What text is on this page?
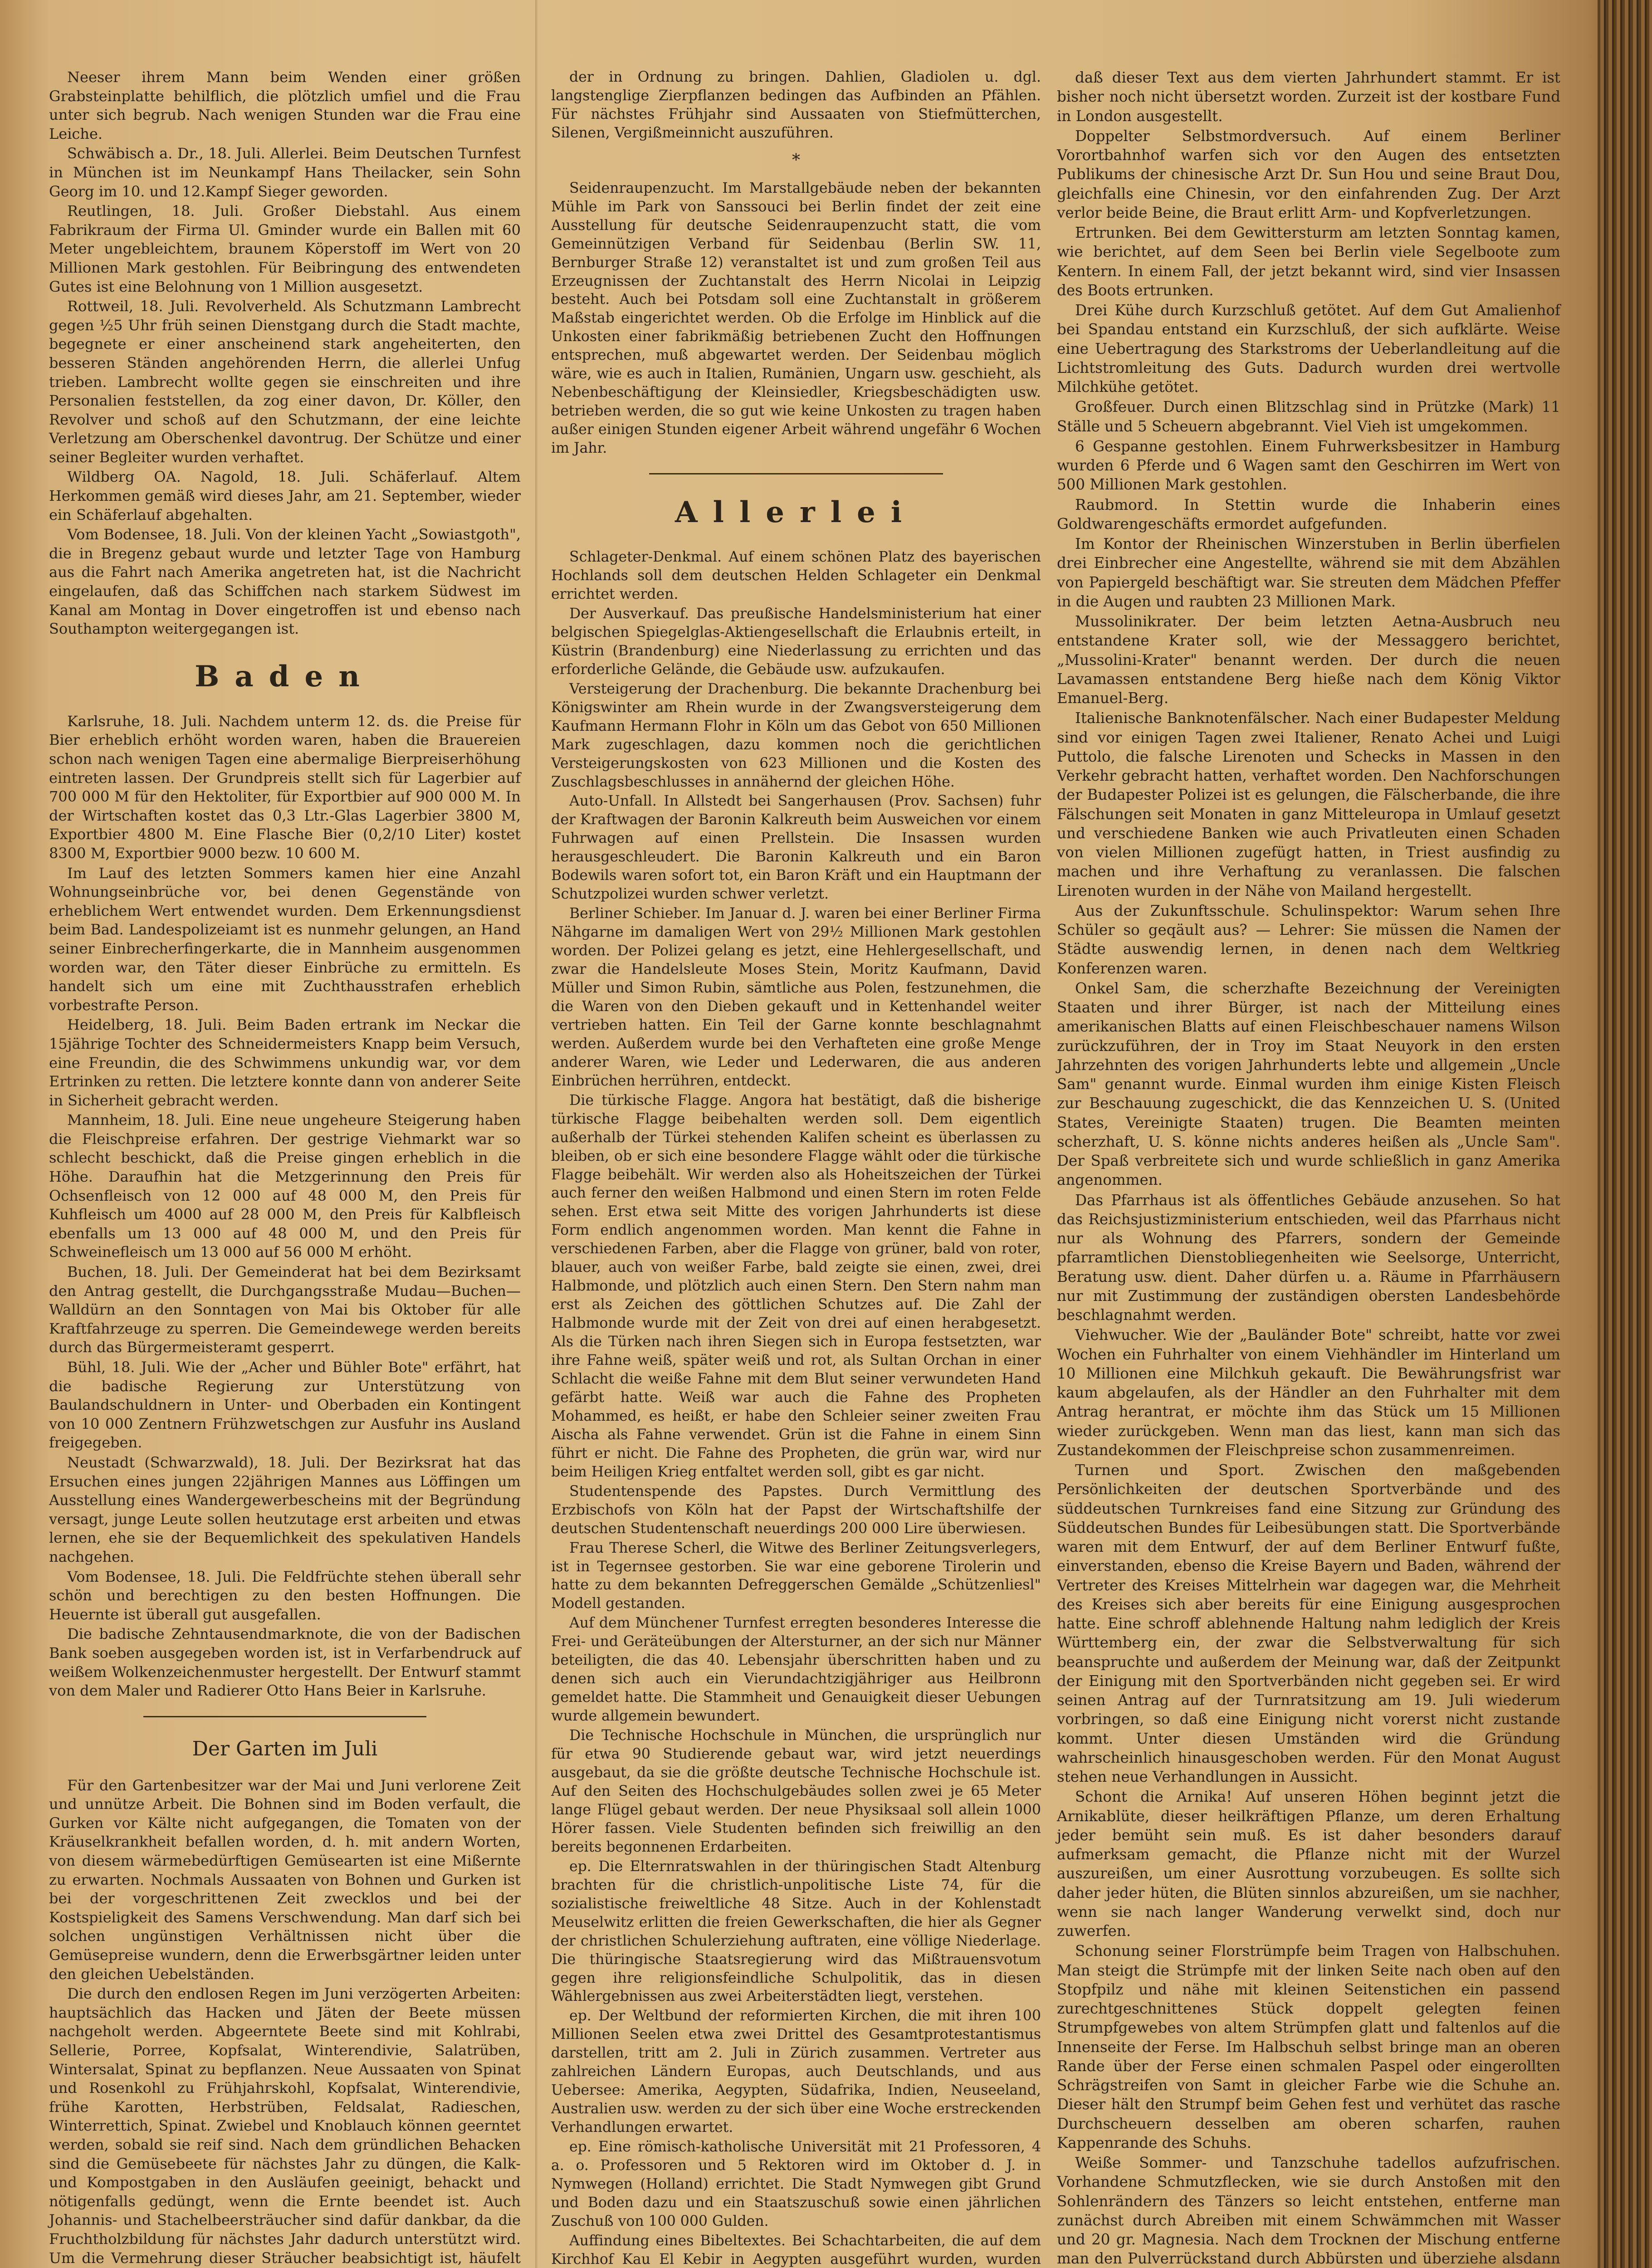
Neeser ihrem Mann beim Wenden einer größen Grabsteinplatte behilflich, die plötzlich umfiel und die Frau unter sich begrub. Nach wenigen Stunden war die Frau eine Leiche.

Schwäbisch a. Dr., 18. Juli. Allerlei. Beim Deutschen Turnfest in München ist im Neunkampf Hans Theilacker, sein Sohn Georg im 10. und 12.Kampf Sieger geworden.

Reutlingen, 18. Juli. Großer Diebstahl. Aus einem Fabrikraum der Firma Ul. Gminder wurde ein Ballen mit 60 Meter ungebleichtem, braunem Köperstoff im Wert von 20 Millionen Mark gestohlen. Für Beibringung des entwendeten Gutes ist eine Belohnung von 1 Million ausgesetzt.

Rottweil, 18. Juli. Revolverheld. Als Schutzmann Lambrecht gegen ½5 Uhr früh seinen Dienstgang durch die Stadt machte, begegnete er einer anscheinend stark angeheiterten, den besseren Ständen angehörenden Herrn, die allerlei Unfug trieben. Lambrecht wollte gegen sie einschreiten und ihre Personalien feststellen, da zog einer davon, Dr. Köller, den Revolver und schoß auf den Schutzmann, der eine leichte Verletzung am Oberschenkel davontrug. Der Schütze und einer seiner Begleiter wurden verhaftet.

Wildberg OA. Nagold, 18. Juli. Schäferlauf. Altem Herkommen gemäß wird dieses Jahr, am 21. September, wieder ein Schäferlauf abgehalten.

Vom Bodensee, 18. Juli. Von der kleinen Yacht „Sowiastgoth", die in Bregenz gebaut wurde und letzter Tage von Hamburg aus die Fahrt nach Amerika angetreten hat, ist die Nachricht eingelaufen, daß das Schiffchen nach starkem Südwest im Kanal am Montag in Dover eingetroffen ist und ebenso nach Southampton weitergegangen ist.

Baden

Karlsruhe, 18. Juli. Nachdem unterm 12. ds. die Preise für Bier erheblich erhöht worden waren, haben die Brauereien schon nach wenigen Tagen eine abermalige Bierpreiserhöhung eintreten lassen. Der Grundpreis stellt sich für Lagerbier auf 700 000 M für den Hektoliter, für Exportbier auf 900 000 M. In der Wirtschaften kostet das 0,3 Ltr.-Glas Lagerbier 3800 M, Exportbier 4800 M. Eine Flasche Bier (0,2/10 Liter) kostet 8300 M, Exportbier 9000 bezw. 10 600 M.

Im Lauf des letzten Sommers kamen hier eine Anzahl Wohnungseinbrüche vor, bei denen Gegenstände von erheblichem Wert entwendet wurden. Dem Erkennungsdienst beim Bad. Landespolizeiamt ist es nunmehr gelungen, an Hand seiner Einbrecherfingerkarte, die in Mannheim ausgenommen worden war, den Täter dieser Einbrüche zu ermitteln. Es handelt sich um eine mit Zuchthausstrafen erheblich vorbestrafte Person.

Heidelberg, 18. Juli. Beim Baden ertrank im Neckar die 15jährige Tochter des Schneidermeisters Knapp beim Versuch, eine Freundin, die des Schwimmens unkundig war, vor dem Ertrinken zu retten. Die letztere konnte dann von anderer Seite in Sicherheit gebracht werden.

Mannheim, 18. Juli. Eine neue ungeheure Steigerung haben die Fleischpreise erfahren. Der gestrige Viehmarkt war so schlecht beschickt, daß die Preise gingen erheblich in die Höhe. Daraufhin hat die Metzgerinnung den Preis für Ochsenfleisch von 12 000 auf 48 000 M, den Preis für Kuhfleisch um 4000 auf 28 000 M, den Preis für Kalbfleisch ebenfalls um 13 000 auf 48 000 M, und den Preis für Schweinefleisch um 13 000 auf 56 000 M erhöht.

Buchen, 18. Juli. Der Gemeinderat hat bei dem Bezirksamt den Antrag gestellt, die Durchgangsstraße Mudau—Buchen—Walldürn an den Sonntagen von Mai bis Oktober für alle Kraftfahrzeuge zu sperren. Die Gemeindewege werden bereits durch das Bürgermeisteramt gesperrt.

Bühl, 18. Juli. Wie der „Acher und Bühler Bote" erfährt, hat die badische Regierung zur Unterstützung von Baulandschuldnern in Unter- und Oberbaden ein Kontingent von 10 000 Zentnern Frühzwetschgen zur Ausfuhr ins Ausland freigegeben.

Neustadt (Schwarzwald), 18. Juli. Der Bezirksrat hat das Ersuchen eines jungen 22jährigen Mannes aus Löffingen um Ausstellung eines Wandergewerbescheins mit der Begründung versagt, junge Leute sollen heutzutage erst arbeiten und etwas lernen, ehe sie der Bequemlichkeit des spekulativen Handels nachgehen.

Vom Bodensee, 18. Juli. Die Feldfrüchte stehen überall sehr schön und berechtigen zu den besten Hoffnungen. Die Heuernte ist überall gut ausgefallen.

Die badische Zehntausendmarknote, die von der Badischen Bank soeben ausgegeben worden ist, ist in Verfarbendruck auf weißem Wolkenzeichenmuster hergestellt. Der Entwurf stammt von dem Maler und Radierer Otto Hans Beier in Karlsruhe.

Der Garten im Juli

Für den Gartenbesitzer war der Mai und Juni verlorene Zeit und unnütze Arbeit. Die Bohnen sind im Boden verfault, die Gurken vor Kälte nicht aufgegangen, die Tomaten von der Kräuselkrankheit befallen worden, d. h. mit andern Worten, von diesem wärmebedürftigen Gemüsearten ist eine Mißernte zu erwarten. Nochmals Aussaaten von Bohnen und Gurken ist bei der vorgeschrittenen Zeit zwecklos und bei der Kostspieligkeit des Samens Verschwendung. Man darf sich bei solchen ungünstigen Verhältnissen nicht über die Gemüsepreise wundern, denn die Erwerbsgärtner leiden unter den gleichen Uebelständen.

Die durch den endlosen Regen im Juni verzögerten Arbeiten: hauptsächlich das Hacken und Jäten der Beete müssen nachgeholt werden. Abgeerntete Beete sind mit Kohlrabi, Sellerie, Porree, Kopfsalat, Winterendivie, Salatrüben, Wintersalat, Spinat zu bepflanzen. Neue Aussaaten von Spinat und Rosenkohl zu Frühjahrskohl, Kopfsalat, Winterendivie, frühe Karotten, Herbstrüben, Feldsalat, Radieschen, Winterrettich, Spinat. Zwiebel und Knoblauch können geerntet werden, sobald sie reif sind. Nach dem gründlichen Behacken sind die Gemüsebeete für nächstes Jahr zu düngen, die Kalk- und Kompostgaben in den Ausläufen geeinigt, behackt und nötigenfalls gedüngt, wenn die Ernte beendet ist. Auch Johannis- und Stachelbeersträucher sind dafür dankbar, da die Fruchtholzbildung für nächstes Jahr dadurch unterstützt wird. Um die Vermehrung dieser Sträucher beabsichtigt ist, häufelt

der in Ordnung zu bringen. Dahlien, Gladiolen u. dgl. langstenglige Zierpflanzen bedingen das Aufbinden an Pfählen. Für nächstes Frühjahr sind Aussaaten von Stiefmütterchen, Silenen, Vergißmeinnicht auszuführen.

*

Seidenraupenzucht. Im Marstallgebäude neben der bekannten Mühle im Park von Sanssouci bei Berlin findet der zeit eine Ausstellung für deutsche Seidenraupenzucht statt, die vom Gemeinnützigen Verband für Seidenbau (Berlin SW. 11, Bernburger Straße 12) veranstaltet ist und zum großen Teil aus Erzeugnissen der Zuchtanstalt des Herrn Nicolai in Leipzig besteht. Auch bei Potsdam soll eine Zuchtanstalt in größerem Maßstab eingerichtet werden. Ob die Erfolge im Hinblick auf die Unkosten einer fabrikmäßig betriebenen Zucht den Hoffnungen entsprechen, muß abgewartet werden. Der Seidenbau möglich wäre, wie es auch in Italien, Rumänien, Ungarn usw. geschieht, als Nebenbeschäftigung der Kleinsiedler, Kriegsbeschädigten usw. betrieben werden, die so gut wie keine Unkosten zu tragen haben außer einigen Stunden eigener Arbeit während ungefähr 6 Wochen im Jahr.

Allerlei

Schlageter-Denkmal. Auf einem schönen Platz des bayerischen Hochlands soll dem deutschen Helden Schlageter ein Denkmal errichtet werden.

Der Ausverkauf. Das preußische Handelsministerium hat einer belgischen Spiegelglas-Aktiengesellschaft die Erlaubnis erteilt, in Küstrin (Brandenburg) eine Niederlassung zu errichten und das erforderliche Gelände, die Gebäude usw. aufzukaufen.

Versteigerung der Drachenburg. Die bekannte Drachenburg bei Königswinter am Rhein wurde in der Zwangsversteigerung dem Kaufmann Hermann Flohr in Köln um das Gebot von 650 Millionen Mark zugeschlagen, dazu kommen noch die gerichtlichen Versteigerungskosten von 623 Millionen und die Kosten des Zuschlagsbeschlusses in annähernd der gleichen Höhe.

Auto-Unfall. In Allstedt bei Sangerhausen (Prov. Sachsen) fuhr der Kraftwagen der Baronin Kalkreuth beim Ausweichen vor einem Fuhrwagen auf einen Prellstein. Die Insassen wurden herausgeschleudert. Die Baronin Kalkreuth und ein Baron Bodewils waren sofort tot, ein Baron Kräft und ein Hauptmann der Schutzpolizei wurden schwer verletzt.

Berliner Schieber. Im Januar d. J. waren bei einer Berliner Firma Nähgarne im damaligen Wert von 29½ Millionen Mark gestohlen worden. Der Polizei gelang es jetzt, eine Hehlergesellschaft, und zwar die Handelsleute Moses Stein, Moritz Kaufmann, David Müller und Simon Rubin, sämtliche aus Polen, festzunehmen, die die Waren von den Dieben gekauft und in Kettenhandel weiter vertrieben hatten. Ein Teil der Garne konnte beschlagnahmt werden. Außerdem wurde bei den Verhafteten eine große Menge anderer Waren, wie Leder und Lederwaren, die aus anderen Einbrüchen herrühren, entdeckt.

Die türkische Flagge. Angora hat bestätigt, daß die bisherige türkische Flagge beibehalten werden soll. Dem eigentlich außerhalb der Türkei stehenden Kalifen scheint es überlassen zu bleiben, ob er sich eine besondere Flagge wählt oder die türkische Flagge beibehält. Wir werden also als Hoheitszeichen der Türkei auch ferner den weißen Halbmond und einen Stern im roten Felde sehen. Erst etwa seit Mitte des vorigen Jahrhunderts ist diese Form endlich angenommen worden. Man kennt die Fahne in verschiedenen Farben, aber die Flagge von grüner, bald von roter, blauer, auch von weißer Farbe, bald zeigte sie einen, zwei, drei Halbmonde, und plötzlich auch einen Stern. Den Stern nahm man erst als Zeichen des göttlichen Schutzes auf. Die Zahl der Halbmonde wurde mit der Zeit von drei auf einen herabgesetzt. Als die Türken nach ihren Siegen sich in Europa festsetzten, war ihre Fahne weiß, später weiß und rot, als Sultan Orchan in einer Schlacht die weiße Fahne mit dem Blut seiner verwundeten Hand gefärbt hatte. Weiß war auch die Fahne des Propheten Mohammed, es heißt, er habe den Schleier seiner zweiten Frau Aischa als Fahne verwendet. Grün ist die Fahne in einem Sinn führt er nicht. Die Fahne des Propheten, die grün war, wird nur beim Heiligen Krieg entfaltet werden soll, gibt es gar nicht.

Studentenspende des Papstes. Durch Vermittlung des Erzbischofs von Köln hat der Papst der Wirtschaftshilfe der deutschen Studentenschaft neuerdings 200 000 Lire überwiesen.

Frau Therese Scherl, die Witwe des Berliner Zeitungsverlegers, ist in Tegernsee gestorben. Sie war eine geborene Tirolerin und hatte zu dem bekannten Defreggerschen Gemälde „Schützenliesl" Modell gestanden.

Auf dem Münchener Turnfest erregten besonderes Interesse die Frei- und Geräteübungen der Altersturner, an der sich nur Männer beteiligten, die das 40. Lebensjahr überschritten haben und zu denen sich auch ein Vierundachtzigjähriger aus Heilbronn gemeldet hatte. Die Stammheit und Genauigkeit dieser Uebungen wurde allgemein bewundert.

Die Technische Hochschule in München, die ursprünglich nur für etwa 90 Studierende gebaut war, wird jetzt neuerdings ausgebaut, da sie die größte deutsche Technische Hochschule ist. Auf den Seiten des Hochschulgebäudes sollen zwei je 65 Meter lange Flügel gebaut werden. Der neue Physiksaal soll allein 1000 Hörer fassen. Viele Studenten befinden sich freiwillig an den bereits begonnenen Erdarbeiten.

ep. Die Elternratswahlen in der thüringischen Stadt Altenburg brachten für die christlich-unpolitische Liste 74, für die sozialistische freiweltliche 48 Sitze. Auch in der Kohlenstadt Meuselwitz erlitten die freien Gewerkschaften, die hier als Gegner der christlichen Schulerziehung auftraten, eine völlige Niederlage. Die thüringische Staatsregierung wird das Mißtrauensvotum gegen ihre religionsfeindliche Schulpolitik, das in diesen Wählergebnissen aus zwei Arbeiterstädten liegt, verstehen.

ep. Der Weltbund der reformierten Kirchen, die mit ihren 100 Millionen Seelen etwa zwei Drittel des Gesamtprotestantismus darstellen, tritt am 2. Juli in Zürich zusammen. Vertreter aus zahlreichen Ländern Europas, auch Deutschlands, und aus Uebersee: Amerika, Aegypten, Südafrika, Indien, Neuseeland, Australien usw. werden zu der sich über eine Woche erstreckenden Verhandlungen erwartet.

ep. Eine römisch-katholische Universität mit 21 Professoren, 4 a. o. Professoren und 5 Rektoren wird im Oktober d. J. in Nymwegen (Holland) errichtet. Die Stadt Nymwegen gibt Grund und Boden dazu und ein Staatszuschuß sowie einen jährlichen Zuschuß von 100 000 Gulden.

Auffindung eines Bibeltextes. Bei Schachtarbeiten, die auf dem Kirchhof Kau El Kebir in Aegypten ausgeführt wurden, wurden

daß dieser Text aus dem vierten Jahrhundert stammt. Er ist bisher noch nicht übersetzt worden. Zurzeit ist der kostbare Fund in London ausgestellt.

Doppelter Selbstmordversuch. Auf einem Berliner Vorortbahnhof warfen sich vor den Augen des entsetzten Publikums der chinesische Arzt Dr. Sun Hou und seine Braut Dou, gleichfalls eine Chinesin, vor den einfahrenden Zug. Der Arzt verlor beide Beine, die Braut erlitt Arm- und Kopfverletzungen.

Ertrunken. Bei dem Gewittersturm am letzten Sonntag kamen, wie berichtet, auf dem Seen bei Berlin viele Segelboote zum Kentern. In einem Fall, der jetzt bekannt wird, sind vier Insassen des Boots ertrunken.

Drei Kühe durch Kurzschluß getötet. Auf dem Gut Amalienhof bei Spandau entstand ein Kurzschluß, der sich aufklärte. Weise eine Uebertragung des Starkstroms der Ueberlandleitung auf die Lichtstromleitung des Guts. Dadurch wurden drei wertvolle Milchkühe getötet.

Großfeuer. Durch einen Blitzschlag sind in Prützke (Mark) 11 Ställe und 5 Scheuern abgebrannt. Viel Vieh ist umgekommen.

6 Gespanne gestohlen. Einem Fuhrwerksbesitzer in Hamburg wurden 6 Pferde und 6 Wagen samt den Geschirren im Wert von 500 Millionen Mark gestohlen.

Raubmord. In Stettin wurde die Inhaberin eines Goldwarengeschäfts ermordet aufgefunden.

Im Kontor der Rheinischen Winzerstuben in Berlin überfielen drei Einbrecher eine Angestellte, während sie mit dem Abzählen von Papiergeld beschäftigt war. Sie streuten dem Mädchen Pfeffer in die Augen und raubten 23 Millionen Mark.

Mussolinikrater. Der beim letzten Aetna-Ausbruch neu entstandene Krater soll, wie der Messaggero berichtet, „Mussolini-Krater" benannt werden. Der durch die neuen Lavamassen entstandene Berg hieße nach dem König Viktor Emanuel-Berg.

Italienische Banknotenfälscher. Nach einer Budapester Meldung sind vor einigen Tagen zwei Italiener, Renato Achei und Luigi Puttolo, die falsche Lirenoten und Schecks in Massen in den Verkehr gebracht hatten, verhaftet worden. Den Nachforschungen der Budapester Polizei ist es gelungen, die Fälscherbande, die ihre Fälschungen seit Monaten in ganz Mitteleuropa in Umlauf gesetzt und verschiedene Banken wie auch Privatleuten einen Schaden von vielen Millionen zugefügt hatten, in Triest ausfindig zu machen und ihre Verhaftung zu veranlassen. Die falschen Lirenoten wurden in der Nähe von Mailand hergestellt.

Aus der Zukunftsschule. Schulinspektor: Warum sehen Ihre Schüler so geqäult aus? — Lehrer: Sie müssen die Namen der Städte auswendig lernen, in denen nach dem Weltkrieg Konferenzen waren.

Onkel Sam, die scherzhafte Bezeichnung der Vereinigten Staaten und ihrer Bürger, ist nach der Mitteilung eines amerikanischen Blatts auf einen Fleischbeschauer namens Wilson zurückzuführen, der in Troy im Staat Neuyork in den ersten Jahrzehnten des vorigen Jahrhunderts lebte und allgemein „Uncle Sam" genannt wurde. Einmal wurden ihm einige Kisten Fleisch zur Beschauung zugeschickt, die das Kennzeichen U. S. (United States, Vereinigte Staaten) trugen. Die Beamten meinten scherzhaft, U. S. könne nichts anderes heißen als „Uncle Sam". Der Spaß verbreitete sich und wurde schließlich in ganz Amerika angenommen.

Das Pfarrhaus ist als öffentliches Gebäude anzusehen. So hat das Reichsjustizministerium entschieden, weil das Pfarrhaus nicht nur als Wohnung des Pfarrers, sondern der Gemeinde pfarramtlichen Dienstobliegenheiten wie Seelsorge, Unterricht, Beratung usw. dient. Daher dürfen u. a. Räume in Pfarrhäusern nur mit Zustimmung der zuständigen obersten Landesbehörde beschlagnahmt werden.

Viehwucher. Wie der „Bauländer Bote" schreibt, hatte vor zwei Wochen ein Fuhrhalter von einem Viehhändler im Hinterland um 10 Millionen eine Milchkuh gekauft. Die Bewährungsfrist war kaum abgelaufen, als der Händler an den Fuhrhalter mit dem Antrag herantrat, er möchte ihm das Stück um 15 Millionen wieder zurückgeben. Wenn man das liest, kann man sich das Zustandekommen der Fleischpreise schon zusammenreimen.

Turnen und Sport. Zwischen den maßgebenden Persönlichkeiten der deutschen Sportverbände und des süddeutschen Turnkreises fand eine Sitzung zur Gründung des Süddeutschen Bundes für Leibesübungen statt. Die Sportverbände waren mit dem Entwurf, der auf dem Berliner Entwurf fußte, einverstanden, ebenso die Kreise Bayern und Baden, während der Vertreter des Kreises Mittelrhein war dagegen war, die Mehrheit des Kreises sich aber bereits für eine Einigung ausgesprochen hatte. Eine schroff ablehnende Haltung nahm lediglich der Kreis Württemberg ein, der zwar die Selbstverwaltung für sich beanspruchte und außerdem der Meinung war, daß der Zeitpunkt der Einigung mit den Sportverbänden nicht gegeben sei. Er wird seinen Antrag auf der Turnratsitzung am 19. Juli wiederum vorbringen, so daß eine Einigung nicht vorerst nicht zustande kommt. Unter diesen Umständen wird die Gründung wahrscheinlich hinausgeschoben werden. Für den Monat August stehen neue Verhandlungen in Aussicht.

Schont die Arnika! Auf unseren Höhen beginnt jetzt die Arnikablüte, dieser heilkräftigen Pflanze, um deren Erhaltung jeder bemüht sein muß. Es ist daher besonders darauf aufmerksam gemacht, die Pflanze nicht mit der Wurzel auszureißen, um einer Ausrottung vorzubeugen. Es sollte sich daher jeder hüten, die Blüten sinnlos abzureißen, um sie nachher, wenn sie nach langer Wanderung verwelkt sind, doch nur zuwerfen.

Schonung seiner Florstrümpfe beim Tragen von Halbschuhen. Man steigt die Strümpfe mit der linken Seite nach oben auf den Stopfpilz und nähe mit kleinen Seitenstichen ein passend zurechtgeschnittenes Stück doppelt gelegten feinen Strumpfgewebes von altem Strümpfen glatt und faltenlos auf die Innenseite der Ferse. Im Halbschuh selbst bringe man an oberen Rande über der Ferse einen schmalen Paspel oder eingerollten Schrägstreifen von Samt in gleicher Farbe wie die Schuhe an. Dieser hält den Strumpf beim Gehen fest und verhütet das rasche Durchscheuern desselben am oberen scharfen, rauhen Kappenrande des Schuhs.

Weiße Sommer- und Tanzschuhe tadellos aufzufrischen. Vorhandene Schmutzflecken, wie sie durch Anstoßen mit den Sohlenrändern des Tänzers so leicht entstehen, entferne man zunächst durch Abreiben mit einem Schwämmchen mit Wasser und 20 gr. Magnesia. Nach dem Trocknen der Mischung entferne man den Pulverrückstand durch Abbürsten und überziehe alsdann
